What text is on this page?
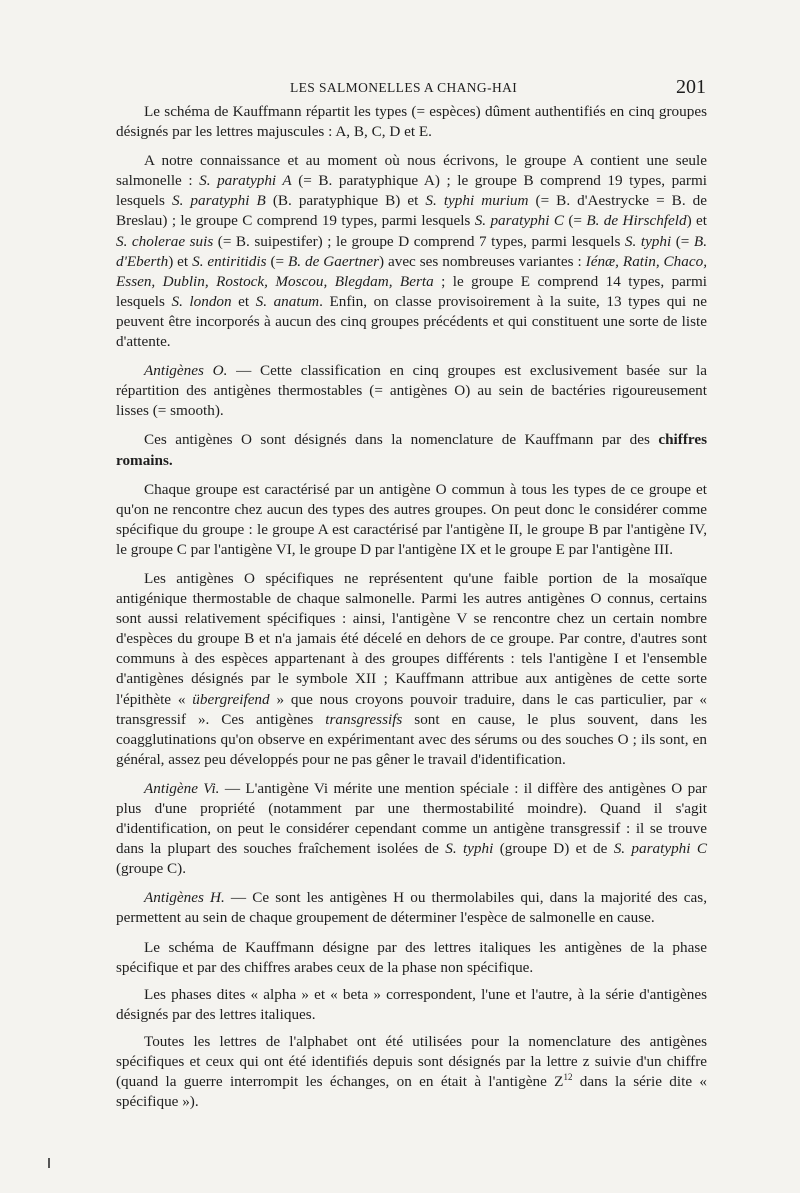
LES SALMONELLES A CHANG-HAI	201

Le schéma de Kauffmann répartit les types (= espèces) dûment authentifiés en cinq groupes désignés par les lettres majuscules : A, B, C, D et E.

A notre connaissance et au moment où nous écrivons, le groupe A contient une seule salmonelle : S. paratyphi A (= B. paratyphique A) ; le groupe B comprend 19 types, parmi lesquels S. paratyphi B (B. paratyphique B) et S. typhi murium (= B. d'Aestrycke = B. de Breslau) ; le groupe C comprend 19 types, parmi lesquels S. paratyphi C (= B. de Hirschfeld) et S. cholerae suis (= B. suipestifer) ; le groupe D comprend 7 types, parmi lesquels S. typhi (= B. d'Eberth) et S. entiritidis (= B. de Gaertner) avec ses nombreuses variantes : Iénæ, Ratin, Chaco, Essen, Dublin, Rostock, Moscou, Blegdam, Berta ; le groupe E comprend 14 types, parmi lesquels S. london et S. anatum. Enfin, on classe provisoirement à la suite, 13 types qui ne peuvent être incorporés à aucun des cinq groupes précédents et qui constituent une sorte de liste d'attente.

Antigènes O. — Cette classification en cinq groupes est exclusivement basée sur la répartition des antigènes thermostables (= antigènes O) au sein de bactéries rigoureusement lisses (= smooth).

Ces antigènes O sont désignés dans la nomenclature de Kauffmann par des chiffres romains.

Chaque groupe est caractérisé par un antigène O commun à tous les types de ce groupe et qu'on ne rencontre chez aucun des types des autres groupes. On peut donc le considérer comme spécifique du groupe : le groupe A est caractérisé par l'antigène II, le groupe B par l'antigène IV, le groupe C par l'antigène VI, le groupe D par l'antigène IX et le groupe E par l'antigène III.

Les antigènes O spécifiques ne représentent qu'une faible portion de la mosaïque antigénique thermostable de chaque salmonelle. Parmi les autres antigènes O connus, certains sont aussi relativement spécifiques : ainsi, l'antigène V se rencontre chez un certain nombre d'espèces du groupe B et n'a jamais été décelé en dehors de ce groupe. Par contre, d'autres sont communs à des espèces appartenant à des groupes différents : tels l'antigène I et l'ensemble d'antigènes désignés par le symbole XII ; Kauffmann attribue aux antigènes de cette sorte l'épithète « übergreifend » que nous croyons pouvoir traduire, dans le cas particulier, par « transgressif ». Ces antigènes transgressifs sont en cause, le plus souvent, dans les coagglutinations qu'on observe en expérimentant avec des sérums ou des souches O ; ils sont, en général, assez peu développés pour ne pas gêner le travail d'identification.

Antigène Vi. — L'antigène Vi mérite une mention spéciale : il diffère des antigènes O par plus d'une propriété (notamment par une thermostabilité moindre). Quand il s'agit d'identification, on peut le considérer cependant comme un antigène transgressif : il se trouve dans la plupart des souches fraîchement isolées de S. typhi (groupe D) et de S. paratyphi C (groupe C).

Antigènes H. — Ce sont les antigènes H ou thermolabiles qui, dans la majorité des cas, permettent au sein de chaque groupement de déterminer l'espèce de salmonelle en cause.

Le schéma de Kauffmann désigne par des lettres italiques les antigènes de la phase spécifique et par des chiffres arabes ceux de la phase non spécifique.

Les phases dites « alpha » et « beta » correspondent, l'une et l'autre, à la série d'antigènes désignés par des lettres italiques.

Toutes les lettres de l'alphabet ont été utilisées pour la nomenclature des antigènes spécifiques et ceux qui ont été identifiés depuis sont désignés par la lettre z suivie d'un chiffre (quand la guerre interrompit les échanges, on en était à l'antigène $Z^{12}$ dans la série dite « spécifique »).
